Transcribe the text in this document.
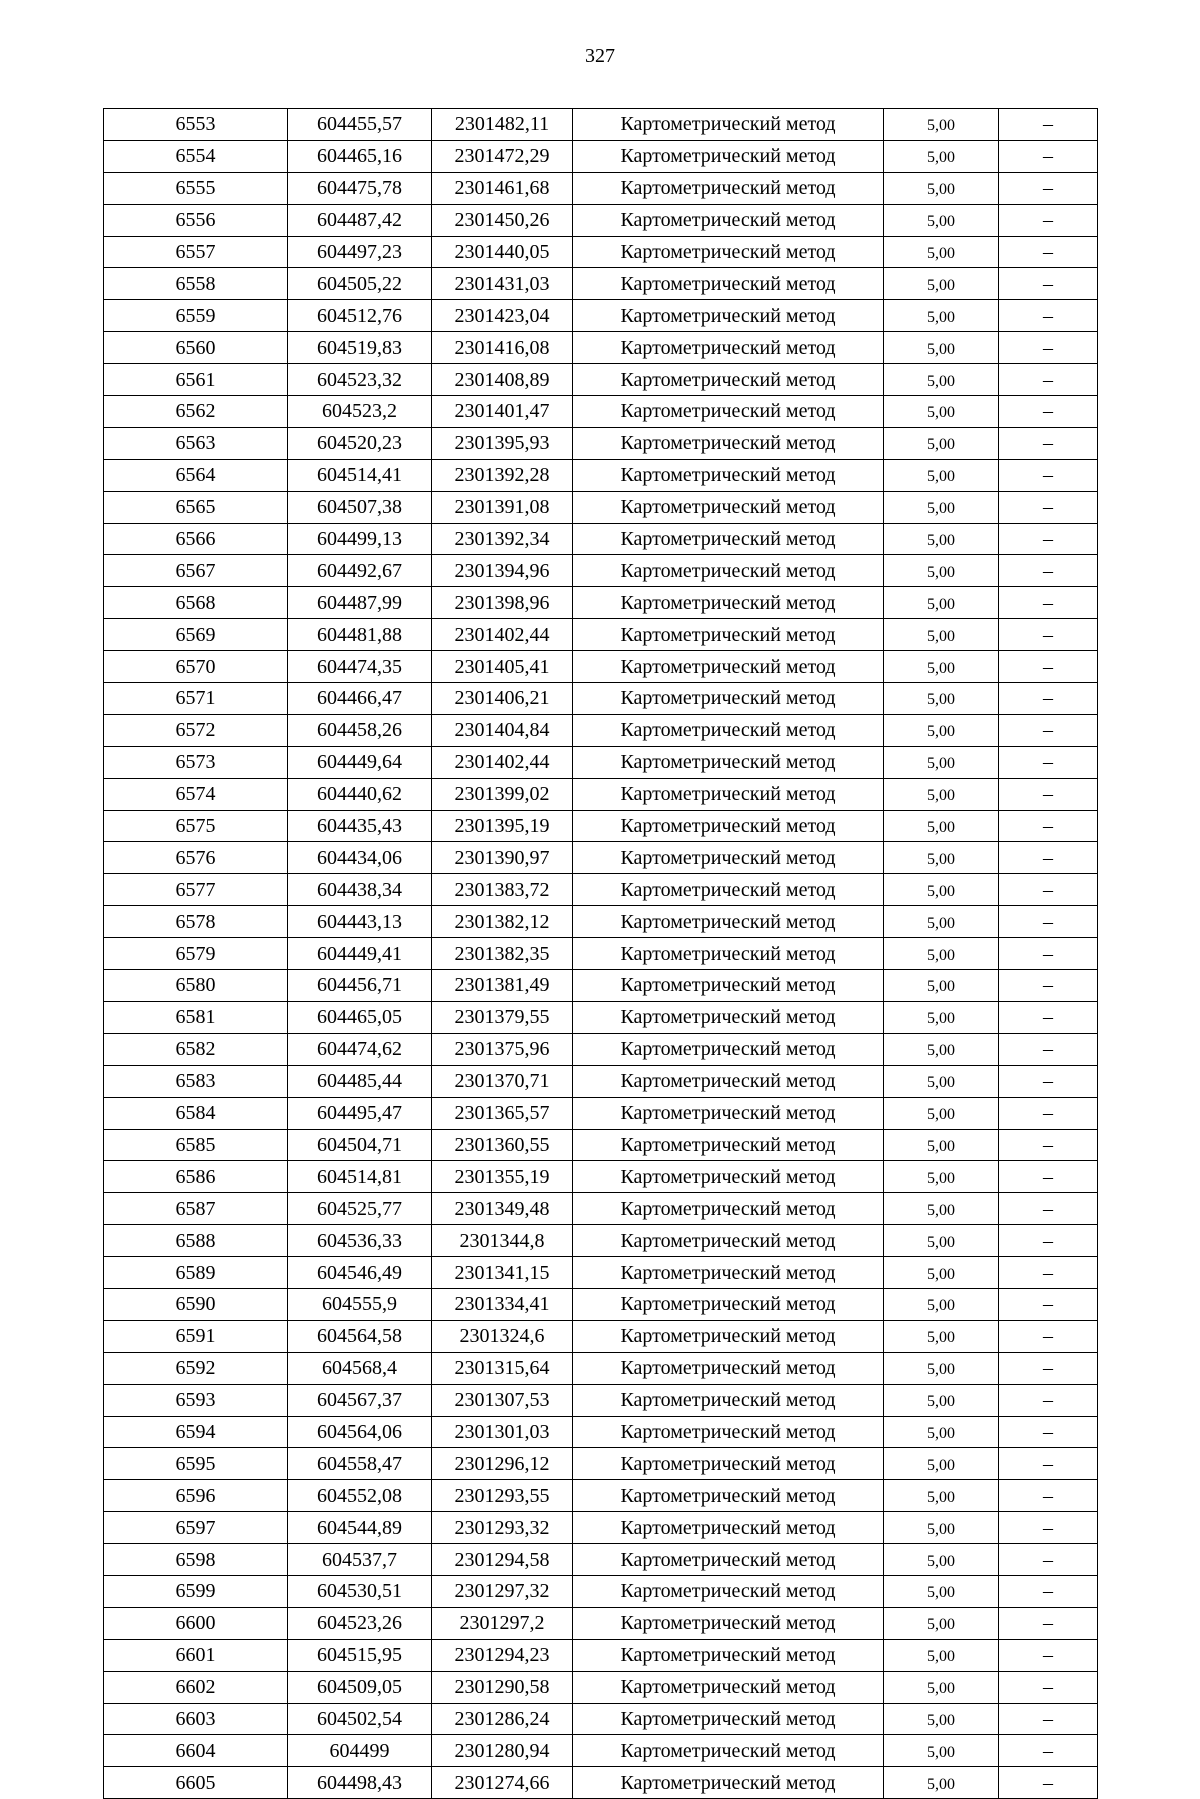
327
6553	604455,57	2301482,11	Картометрический метод	5,00	–
6554	604465,16	2301472,29	Картометрический метод	5,00	–
6555	604475,78	2301461,68	Картометрический метод	5,00	–
6556	604487,42	2301450,26	Картометрический метод	5,00	–
6557	604497,23	2301440,05	Картометрический метод	5,00	–
6558	604505,22	2301431,03	Картометрический метод	5,00	–
6559	604512,76	2301423,04	Картометрический метод	5,00	–
6560	604519,83	2301416,08	Картометрический метод	5,00	–
6561	604523,32	2301408,89	Картометрический метод	5,00	–
6562	604523,2	2301401,47	Картометрический метод	5,00	–
6563	604520,23	2301395,93	Картометрический метод	5,00	–
6564	604514,41	2301392,28	Картометрический метод	5,00	–
6565	604507,38	2301391,08	Картометрический метод	5,00	–
6566	604499,13	2301392,34	Картометрический метод	5,00	–
6567	604492,67	2301394,96	Картометрический метод	5,00	–
6568	604487,99	2301398,96	Картометрический метод	5,00	–
6569	604481,88	2301402,44	Картометрический метод	5,00	–
6570	604474,35	2301405,41	Картометрический метод	5,00	–
6571	604466,47	2301406,21	Картометрический метод	5,00	–
6572	604458,26	2301404,84	Картометрический метод	5,00	–
6573	604449,64	2301402,44	Картометрический метод	5,00	–
6574	604440,62	2301399,02	Картометрический метод	5,00	–
6575	604435,43	2301395,19	Картометрический метод	5,00	–
6576	604434,06	2301390,97	Картометрический метод	5,00	–
6577	604438,34	2301383,72	Картометрический метод	5,00	–
6578	604443,13	2301382,12	Картометрический метод	5,00	–
6579	604449,41	2301382,35	Картометрический метод	5,00	–
6580	604456,71	2301381,49	Картометрический метод	5,00	–
6581	604465,05	2301379,55	Картометрический метод	5,00	–
6582	604474,62	2301375,96	Картометрический метод	5,00	–
6583	604485,44	2301370,71	Картометрический метод	5,00	–
6584	604495,47	2301365,57	Картометрический метод	5,00	–
6585	604504,71	2301360,55	Картометрический метод	5,00	–
6586	604514,81	2301355,19	Картометрический метод	5,00	–
6587	604525,77	2301349,48	Картометрический метод	5,00	–
6588	604536,33	2301344,8	Картометрический метод	5,00	–
6589	604546,49	2301341,15	Картометрический метод	5,00	–
6590	604555,9	2301334,41	Картометрический метод	5,00	–
6591	604564,58	2301324,6	Картометрический метод	5,00	–
6592	604568,4	2301315,64	Картометрический метод	5,00	–
6593	604567,37	2301307,53	Картометрический метод	5,00	–
6594	604564,06	2301301,03	Картометрический метод	5,00	–
6595	604558,47	2301296,12	Картометрический метод	5,00	–
6596	604552,08	2301293,55	Картометрический метод	5,00	–
6597	604544,89	2301293,32	Картометрический метод	5,00	–
6598	604537,7	2301294,58	Картометрический метод	5,00	–
6599	604530,51	2301297,32	Картометрический метод	5,00	–
6600	604523,26	2301297,2	Картометрический метод	5,00	–
6601	604515,95	2301294,23	Картометрический метод	5,00	–
6602	604509,05	2301290,58	Картометрический метод	5,00	–
6603	604502,54	2301286,24	Картометрический метод	5,00	–
6604	604499	2301280,94	Картометрический метод	5,00	–
6605	604498,43	2301274,66	Картометрический метод	5,00	–
